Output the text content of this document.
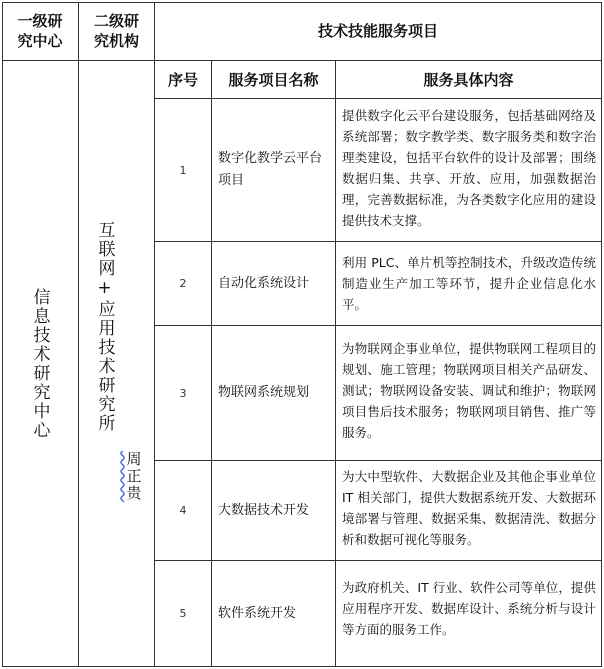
一级研
究中心
二级研
究机构
技术技能服务项目
序号 服务项目名称	服务具体内容
信息技术研究中心	互联网+应用技术研究所
周正贵
1
数字化教学云平台项目
提供数字化云平台建设服务，包括基础网络及系统部署；数字教学类、数字服务类和数字治理类建设，包括平台软件的设计及部署；围绕数据归集、共享、开放、应用，加强数据治理，完善数据标准，为各类数字化应用的建设提供技术支撑。
2 自动化系统设计
利用 PLC、单片机等控制技术，升级改造传统制造业生产加工等环节，提升企业信息化水平。
3 物联网系统规划
为物联网企事业单位，提供物联网工程项目的规划、施工管理；物联网项目相关产品研发、测试；物联网设备安装、调试和维护；物联网项目售后技术服务；物联网项目销售、推广等服务。
4 大数据技术开发
为大中型软件、大数据企业及其他企事业单位 IT 相关部门，提供大数据系统开发、大数据环境部署与管理、数据采集、数据清洗、数据分析和数据可视化等服务。
5 软件系统开发
为政府机关、IT 行业、软件公司等单位，提供应用程序开发、数据库设计、系统分析与设计等方面的服务工作。
